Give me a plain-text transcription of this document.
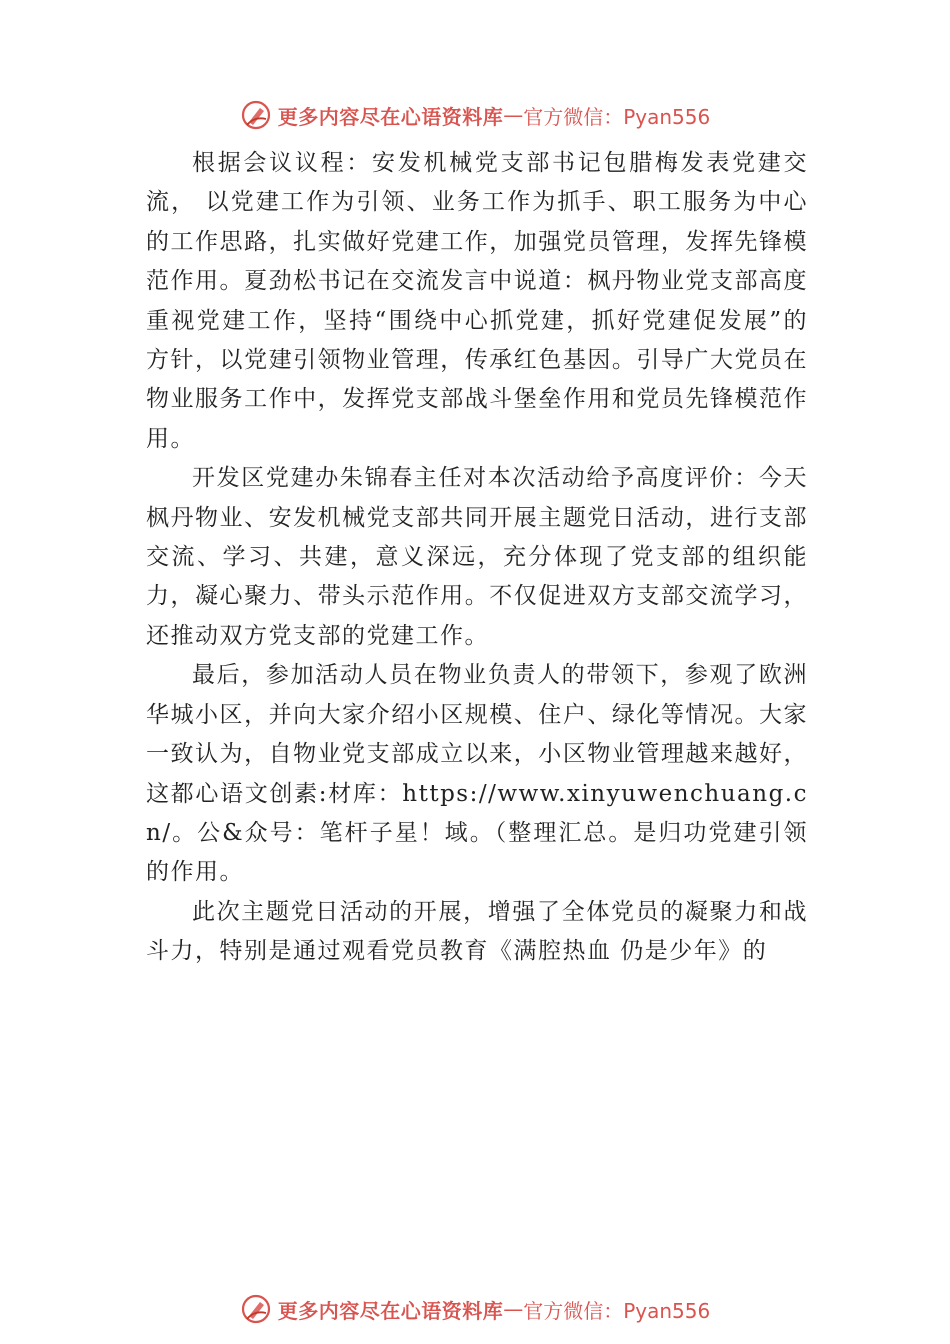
更多内容尽在心语资料库 — 官方微信：Pyan556

根据会议议程：安发机械党支部书记包腊梅发表党建交流， 以党建工作为引领、业务工作为抓手、职工服务为中心的工作思路，扎实做好党建工作，加强党员管理，发挥先锋模范作用。夏劲松书记在交流发言中说道：枫丹物业党支部高度重视党建工作，坚持“围绕中心抓党建，抓好党建促发展”的方针，以党建引领物业管理，传承红色基因。引导广大党员在物业服务工作中，发挥党支部战斗堡垒作用和党员先锋模范作用。

开发区党建办朱锦春主任对本次活动给予高度评价：今天枫丹物业、安发机械党支部共同开展主题党日活动，进行支部交流、学习、共建，意义深远，充分体现了党支部的组织能力，凝心聚力、带头示范作用。不仅促进双方支部交流学习，还推动双方党支部的党建工作。

最后，参加活动人员在物业负责人的带领下，参观了欧洲华城小区，并向大家介绍小区规模、住户、绿化等情况。大家一致认为，自物业党支部成立以来，小区物业管理越来越好，这都心语文创素:材库：https://www.xinyuwenchuang.cn/。公&众号：笔杆子星！域。（整理汇总。是归功党建引领的作用。

此次主题党日活动的开展，增强了全体党员的凝聚力和战斗力，特别是通过观看党员教育《满腔热血 仍是少年》的

更多内容尽在心语资料库 — 官方微信：Pyan556
